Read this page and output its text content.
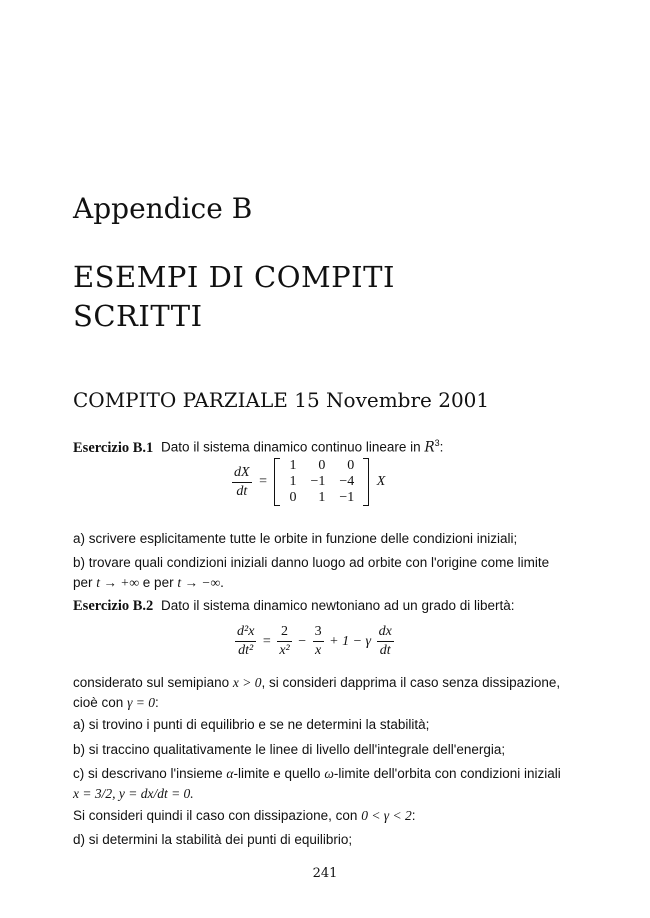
Appendice B
ESEMPI DI COMPITI
SCRITTI
COMPITO PARZIALE 15 Novembre 2001
Esercizio B.1 Dato il sistema dinamico continuo lineare in $R^3$:
$\frac{dX}{dt}$ =
1	0	0
1	−1	−4
0	1	−1
X
a) scrivere esplicitamente tutte le orbite in funzione delle condizioni iniziali;
b) trovare quali condizioni iniziali danno luogo ad orbite con l'origine come limite
per t → +∞ e per t → −∞.
Esercizio B.2 Dato il sistema dinamico newtoniano ad un grado di libertà:
$\frac{\text{d²x}}{\text{dt²}} = \frac{2}{\text{x²}} - \frac{3}{x} + 1 - \gamma \frac{dx}{dt}$
considerato sul semipiano x > 0, si consideri dapprima il caso senza dissipazione,
cioè con γ = 0:
a) si trovino i punti di equilibrio e se ne determini la stabilità;
b) si traccino qualitativamente le linee di livello dell'integrale dell'energia;
c) si descrivano l'insieme α-limite e quello ω-limite dell'orbita con condizioni iniziali
x = 3/2, y = dx/dt = 0.
Si consideri quindi il caso con dissipazione, con 0 < γ < 2:
d) si determini la stabilità dei punti di equilibrio;
241
